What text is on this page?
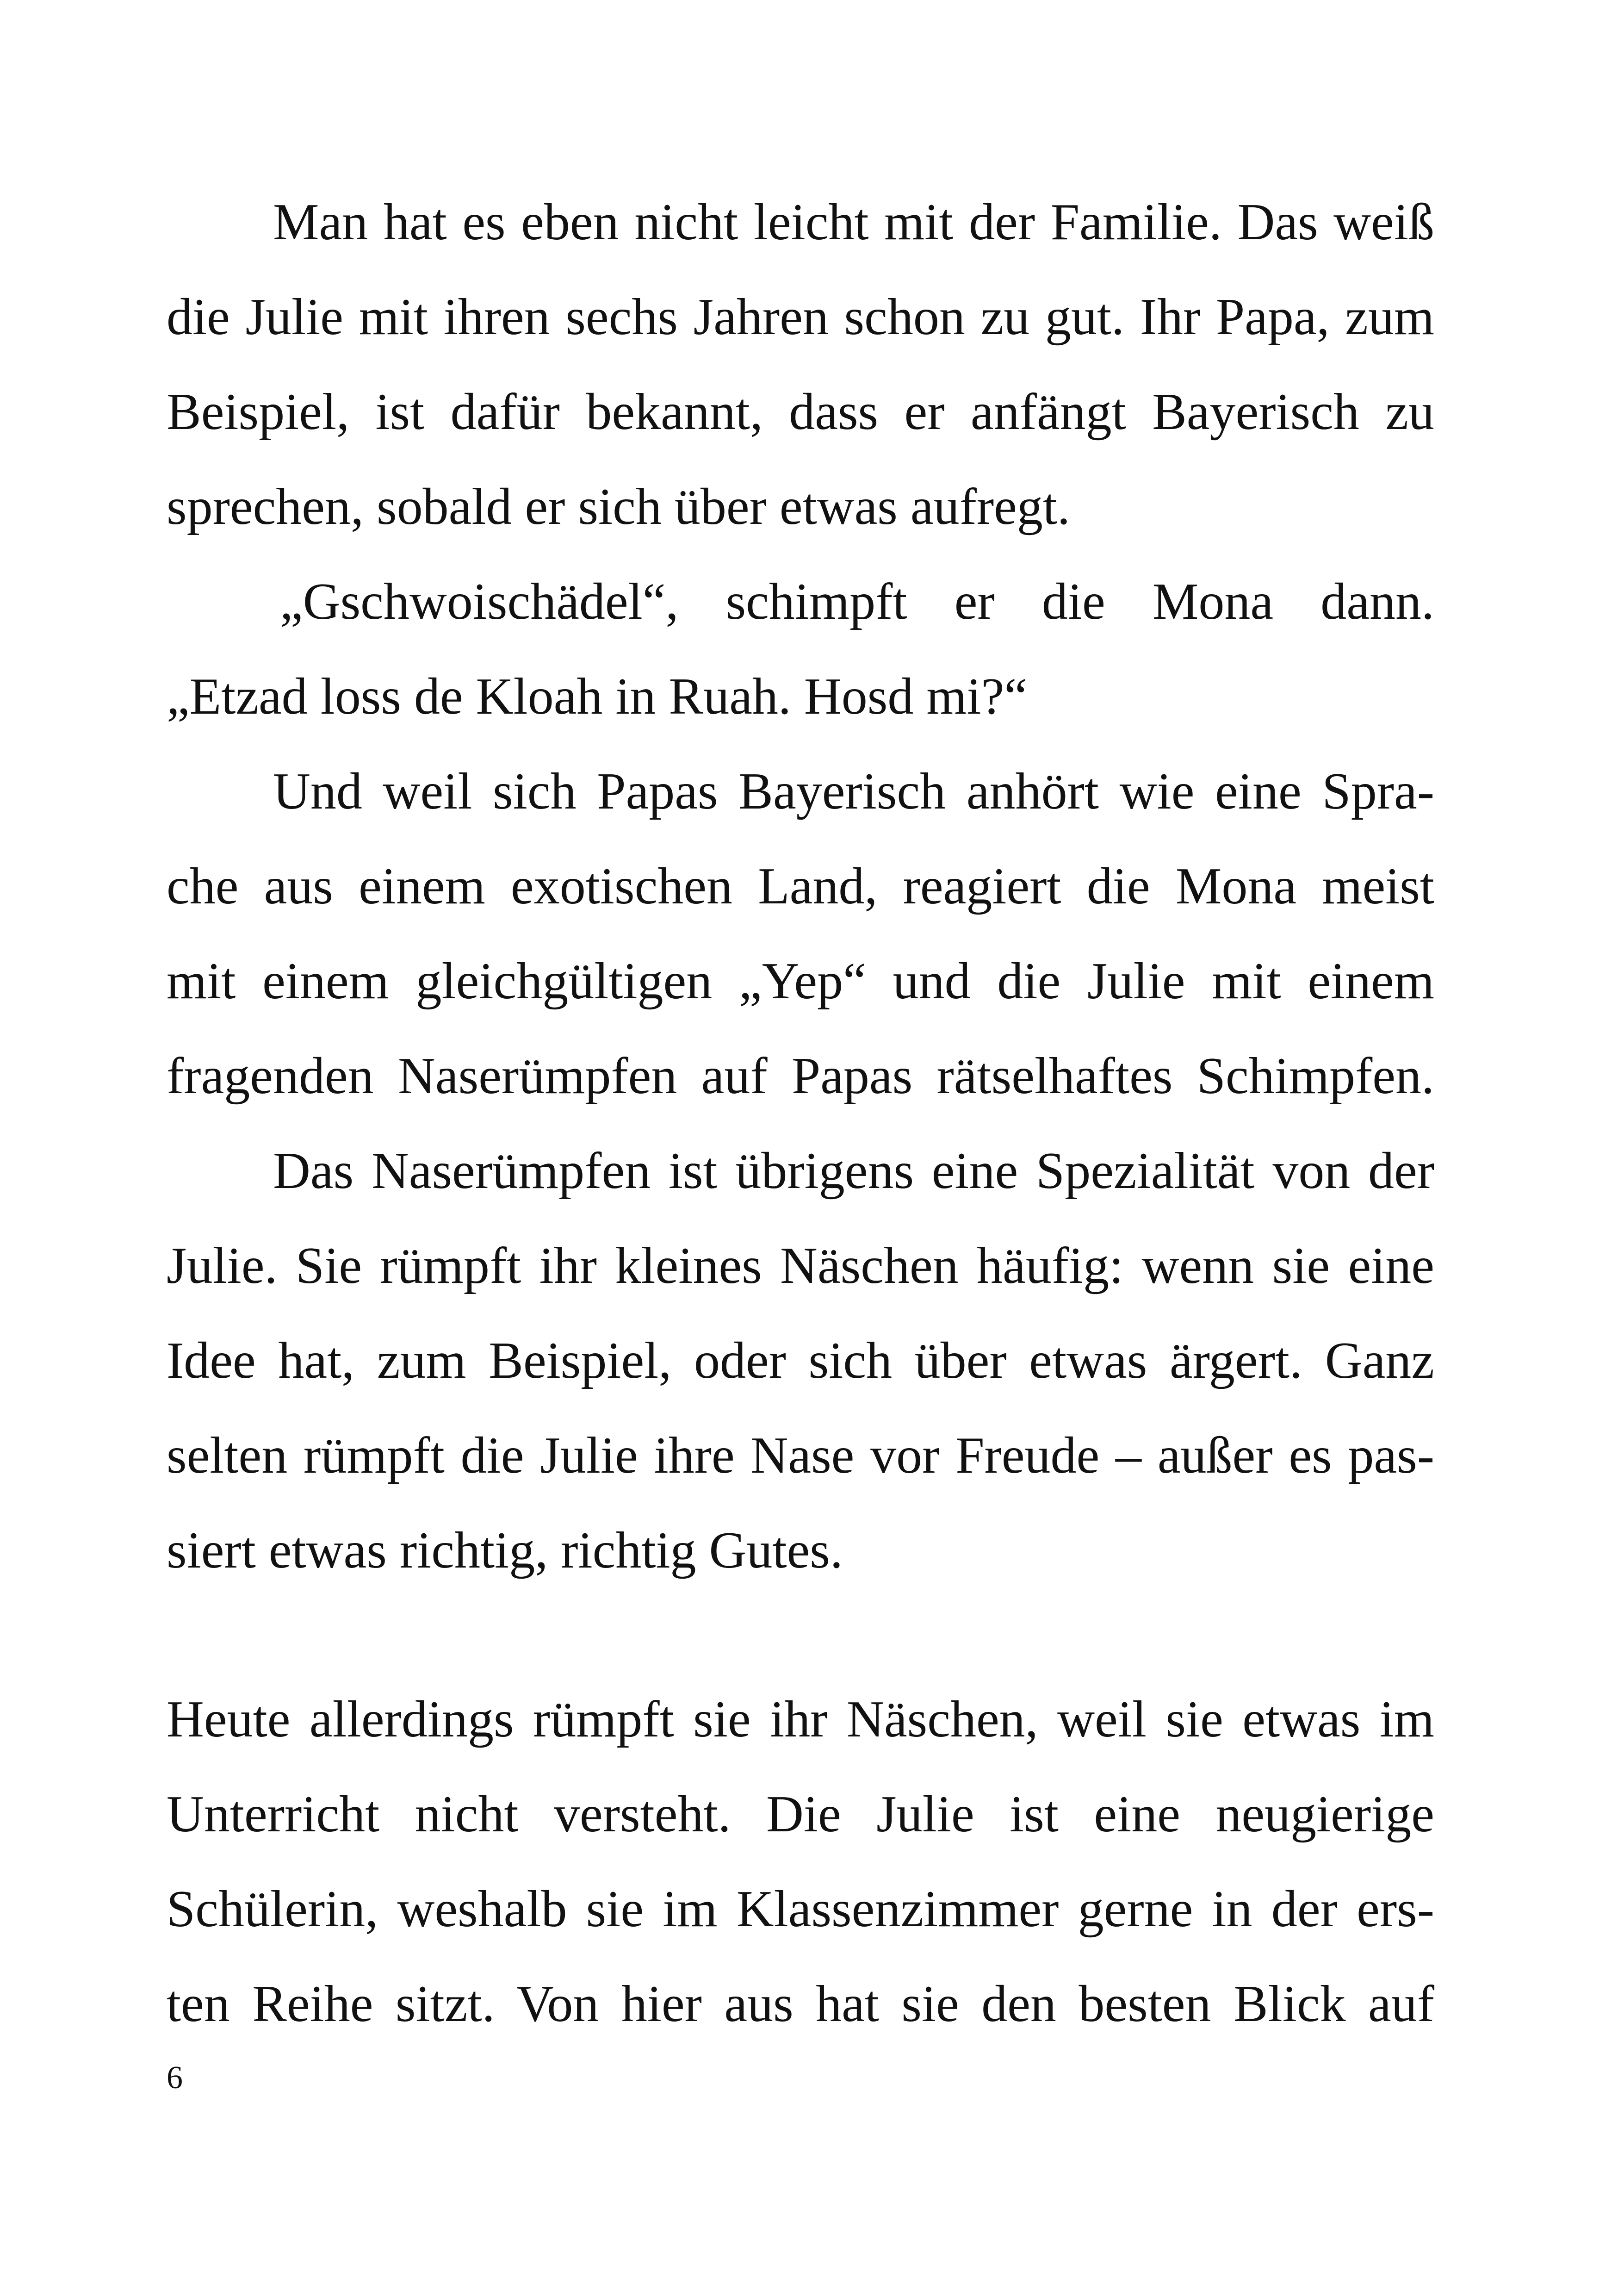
Man hat es eben nicht leicht mit der Familie. Das weiß
die Julie mit ihren sechs Jahren schon zu gut. Ihr Papa, zum
Beispiel, ist dafür bekannt, dass er anfängt Bayerisch zu
sprechen, sobald er sich über etwas aufregt.
„Gschwoischädel“, schimpft er die Mona dann.
„Etzad loss de Kloah in Ruah. Hosd mi?“
Und weil sich Papas Bayerisch anhört wie eine Spra-
che aus einem exotischen Land, reagiert die Mona meist
mit einem gleichgültigen „Yep“ und die Julie mit einem
fragenden Naserümpfen auf Papas rätselhaftes Schimpfen.
Das Naserümpfen ist übrigens eine Spezialität von der
Julie. Sie rümpft ihr kleines Näschen häufig: wenn sie eine
Idee hat, zum Beispiel, oder sich über etwas ärgert. Ganz
selten rümpft die Julie ihre Nase vor Freude – außer es pas-
siert etwas richtig, richtig Gutes.
Heute allerdings rümpft sie ihr Näschen, weil sie etwas im
Unterricht nicht versteht. Die Julie ist eine neugierige
Schülerin, weshalb sie im Klassenzimmer gerne in der ers-
ten Reihe sitzt. Von hier aus hat sie den besten Blick auf
6
